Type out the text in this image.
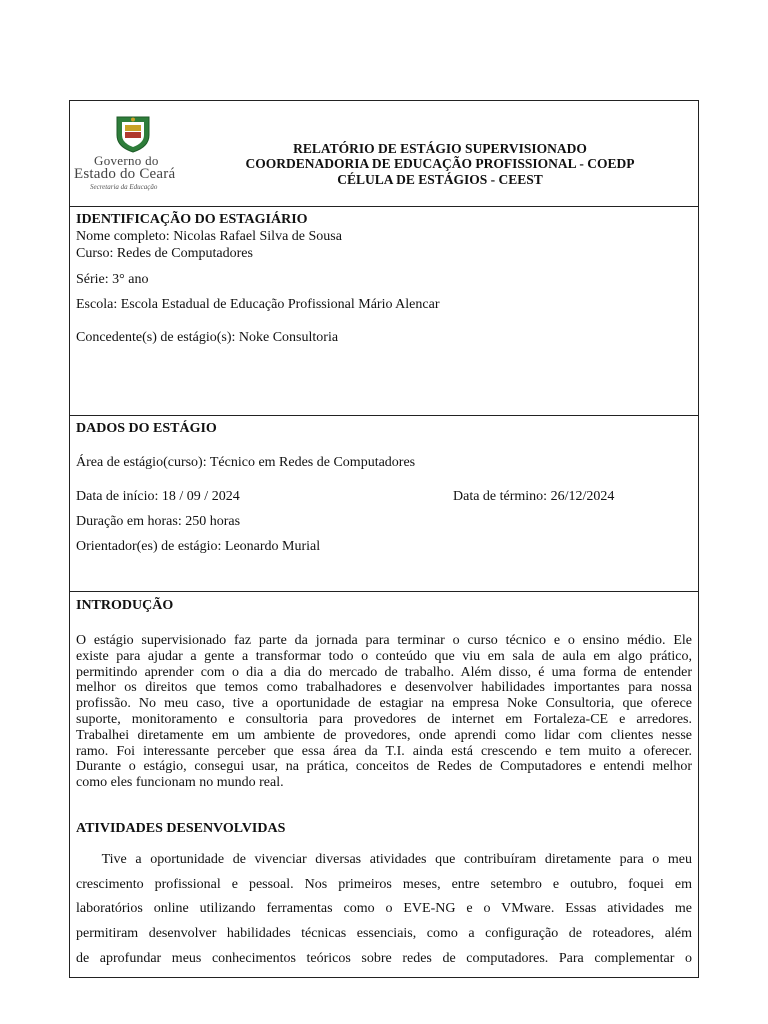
Governo do
Estado do Ceará
Secretaria da Educação
RELATÓRIO DE ESTÁGIO SUPERVISIONADO
COORDENADORIA DE EDUCAÇÃO PROFISSIONAL - COEDP
CÉLULA DE ESTÁGIOS - CEEST
IDENTIFICAÇÃO DO ESTAGIÁRIO
Nome completo: Nicolas Rafael Silva de Sousa
Curso: Redes de Computadores
Série: 3° ano
Escola: Escola Estadual de Educação Profissional Mário Alencar
Concedente(s) de estágio(s): Noke Consultoria
DADOS DO ESTÁGIO
Área de estágio(curso): Técnico em Redes de Computadores
Data de início: 18 / 09 / 2024	Data de término: 26/12/2024
Duração em horas: 250 horas
Orientador(es) de estágio: Leonardo Murial
INTRODUÇÃO
O estágio supervisionado faz parte da jornada para terminar o curso técnico e o ensino médio. Ele
existe para ajudar a gente a transformar todo o conteúdo que viu em sala de aula em algo prático,
permitindo aprender com o dia a dia do mercado de trabalho. Além disso, é uma forma de entender
melhor os direitos que temos como trabalhadores e desenvolver habilidades importantes para nossa
profissão. No meu caso, tive a oportunidade de estagiar na empresa Noke Consultoria, que oferece
suporte, monitoramento e consultoria para provedores de internet em Fortaleza-CE e arredores.
Trabalhei diretamente em um ambiente de provedores, onde aprendi como lidar com clientes nesse
ramo. Foi interessante perceber que essa área da T.I. ainda está crescendo e tem muito a oferecer.
Durante o estágio, consegui usar, na prática, conceitos de Redes de Computadores e entendi melhor
como eles funcionam no mundo real.
ATIVIDADES DESENVOLVIDAS
Tive a oportunidade de vivenciar diversas atividades que contribuíram diretamente para o meu
crescimento profissional e pessoal. Nos primeiros meses, entre setembro e outubro, foquei em
laboratórios online utilizando ferramentas como o EVE-NG e o VMware. Essas atividades me
permitiram desenvolver habilidades técnicas essenciais, como a configuração de roteadores, além
de aprofundar meus conhecimentos teóricos sobre redes de computadores. Para complementar o
